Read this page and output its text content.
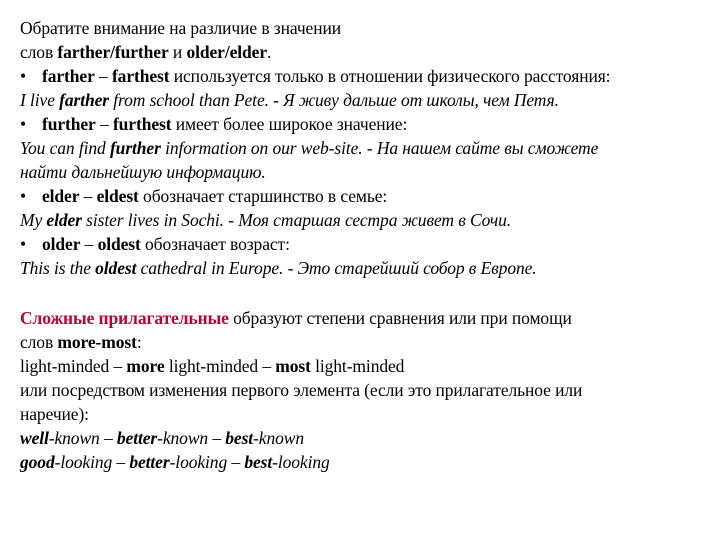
Обратите внимание на различие в значении
слов farther/further и older/elder.
• farther – farthest используется только в отношении физического расстояния:
I live farther from school than Pete. - Я живу дальше от школы, чем Петя.
• further – furthest имеет более широкое значение:
You can find further information on our web-site. - На нашем сайте вы сможете
найти дальнейшую информацию.
• elder – eldest обозначает старшинство в семье:
My elder sister lives in Sochi. - Моя старшая сестра живет в Сочи.
• older – oldest обозначает возраст:
This is the oldest cathedral in Europe. - Это старейший собор в Европе.
Сложные прилагательные образуют степени сравнения или при помощи
слов more-most:
light-minded – more light-minded – most light-minded
или посредством изменения первого элемента (если это прилагательное или
наречие):
well-known – better-known – best-known
good-looking – better-looking – best-looking
